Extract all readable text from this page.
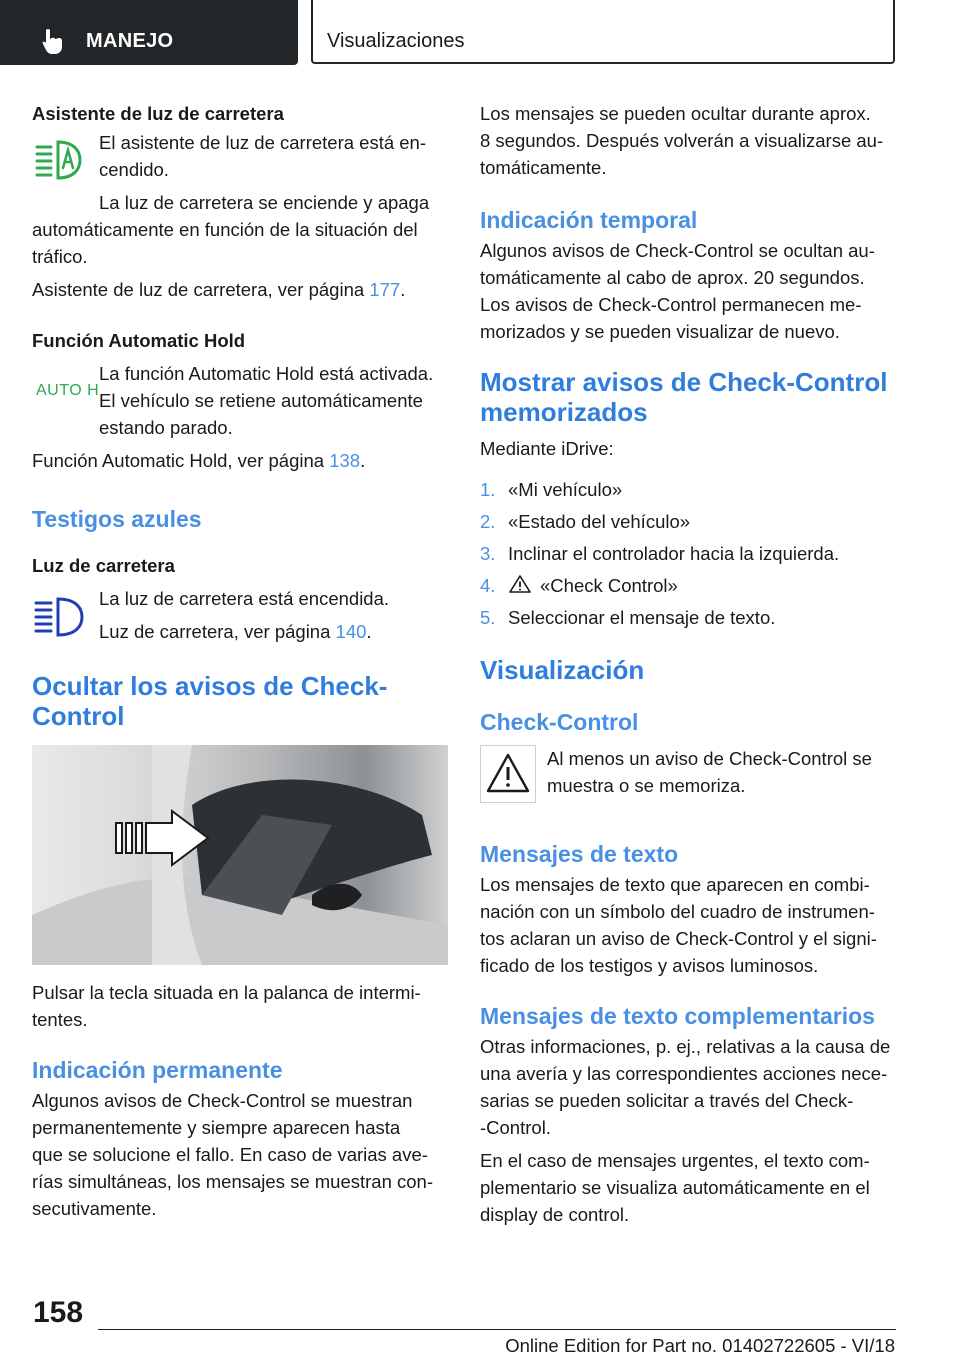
MANEJO	Visualizaciones
Asistente de luz de carretera

El asistente de luz de carretera está en-

cendido.

La luz de carretera se enciende y apaga

automáticamente en función de la situación del

tráfico.

Asistente de luz de carretera, ver página 177.

Función Automatic Hold
AUTO H

La función Automatic Hold está activada.

El vehículo se retiene automáticamente

estando parado.

Función Automatic Hold, ver página 138.

Testigos azules
Luz de carretera

La luz de carretera está encendida.

Luz de carretera, ver página 140.

Ocultar los avisos de Check-
Control

Pulsar la tecla situada en la palanca de intermi-

tentes.

Indicación permanente

Algunos avisos de Check-Control se muestran

permanentemente y siempre aparecen hasta

que se solucione el fallo. En caso de varias ave-

rías simultáneas, los mensajes se muestran con-

secutivamente.

Los mensajes se pueden ocultar durante aprox.

8 segundos. Después volverán a visualizarse au-

tomáticamente.

Indicación temporal

Algunos avisos de Check-Control se ocultan au-

tomáticamente al cabo de aprox. 20 segundos.

Los avisos de Check-Control permanecen me-

morizados y se pueden visualizar de nuevo.

Mostrar avisos de Check-Control
memorizados

Mediante iDrive:

1. «Mi vehículo»
2. «Estado del vehículo»
3. Inclinar el controlador hacia la izquierda.
4. «Check Control»
5. Seleccionar el mensaje de texto.
Visualización
Check-Control

Al menos un aviso de Check-Control se

muestra o se memoriza.

Mensajes de texto

Los mensajes de texto que aparecen en combi-

nación con un símbolo del cuadro de instrumen-

tos aclaran un aviso de Check-Control y el signi-

ficado de los testigos y avisos luminosos.

Mensajes de texto complementarios

Otras informaciones, p. ej., relativas a la causa de

una avería y las correspondientes acciones nece-

sarias se pueden solicitar a través del Check-

-Control.

En el caso de mensajes urgentes, el texto com-

plementario se visualiza automáticamente en el

display de control.

158
Online Edition for Part no. 01402722605 - VI/18
